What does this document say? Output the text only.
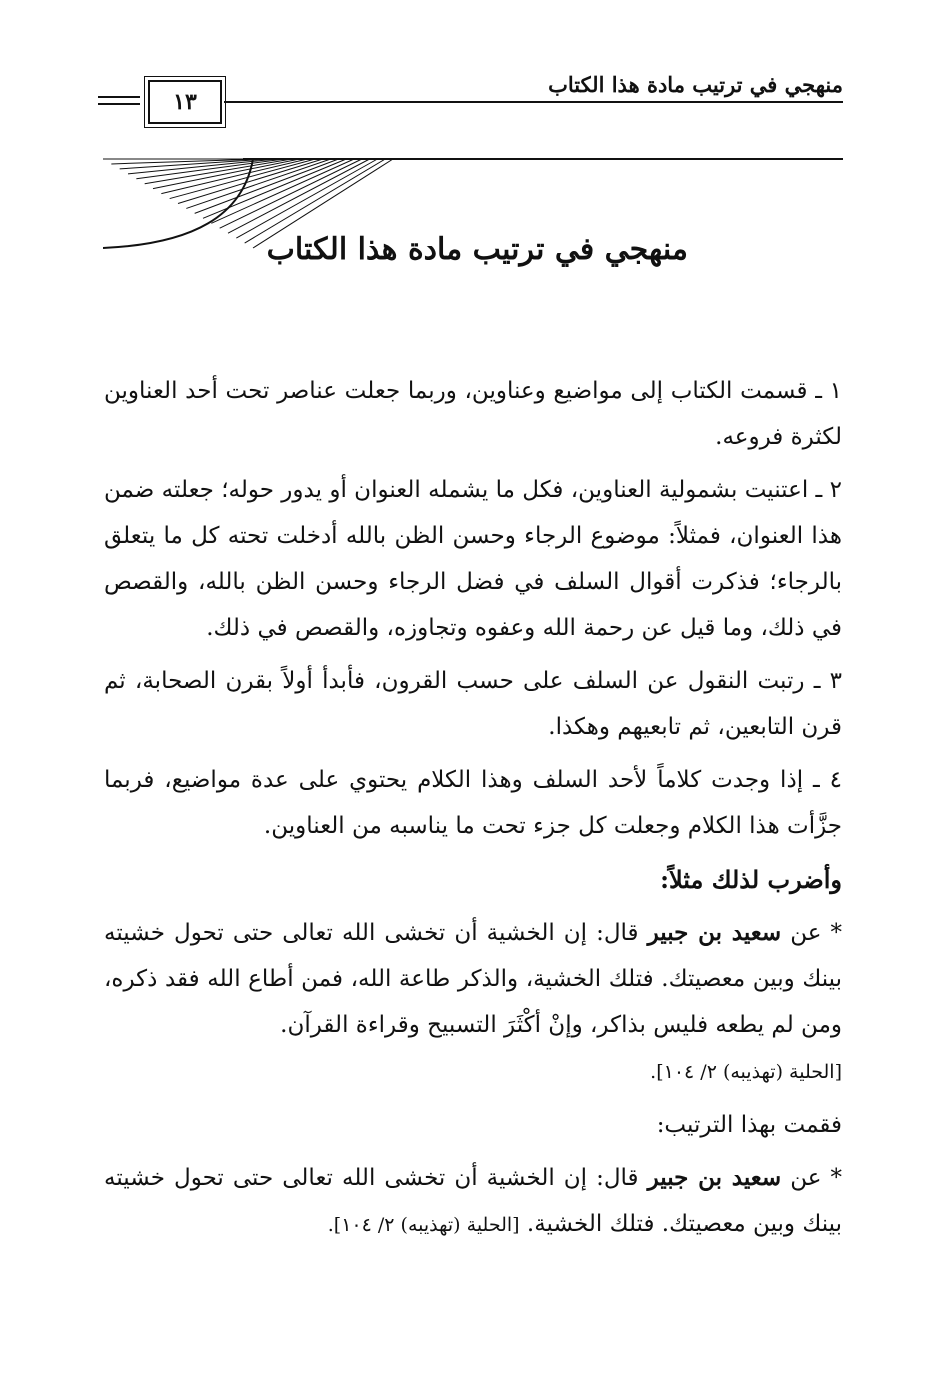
١٣
منهجي في ترتيب مادة هذا الكتاب
منهجي في ترتيب مادة هذا الكتاب

١ ـ قسمت الكتاب إلى مواضيع وعناوين، وربما جعلت عناصر تحت أحد العناوين لكثرة فروعه.

٢ ـ اعتنيت بشمولية العناوين، فكل ما يشمله العنوان أو يدور حوله؛ جعلته ضمن هذا العنوان، فمثلاً: موضوع الرجاء وحسن الظن بالله أدخلت تحته كل ما يتعلق بالرجاء؛ فذكرت أقوال السلف في فضل الرجاء وحسن الظن بالله، والقصص في ذلك، وما قيل عن رحمة الله وعفوه وتجاوزه، والقصص في ذلك.

٣ ـ رتبت النقول عن السلف على حسب القرون، فأبدأ أولاً بقرن الصحابة، ثم قرن التابعين، ثم تابعيهم وهكذا.

٤ ـ إذا وجدت كلاماً لأحد السلف وهذا الكلام يحتوي على عدة مواضيع، فربما جزَّأت هذا الكلام وجعلت كل جزء تحت ما يناسبه من العناوين.

وأضرب لذلك مثلاً:

* عن سعيد بن جبير قال: إن الخشية أن تخشى الله تعالى حتى تحول خشيته بينك وبين معصيتك. فتلك الخشية، والذكر طاعة الله، فمن أطاع الله فقد ذكره، ومن لم يطعه فليس بذاكر، وإنْ أكْثَرَ التسبيح وقراءة القرآن.
[الحلية (تهذيبه) ٢/ ١٠٤].

فقمت بهذا الترتيب:

* عن سعيد بن جبير قال: إن الخشية أن تخشى الله تعالى حتى تحول خشيته بينك وبين معصيتك. فتلك الخشية. [الحلية (تهذيبه) ٢/ ١٠٤].
